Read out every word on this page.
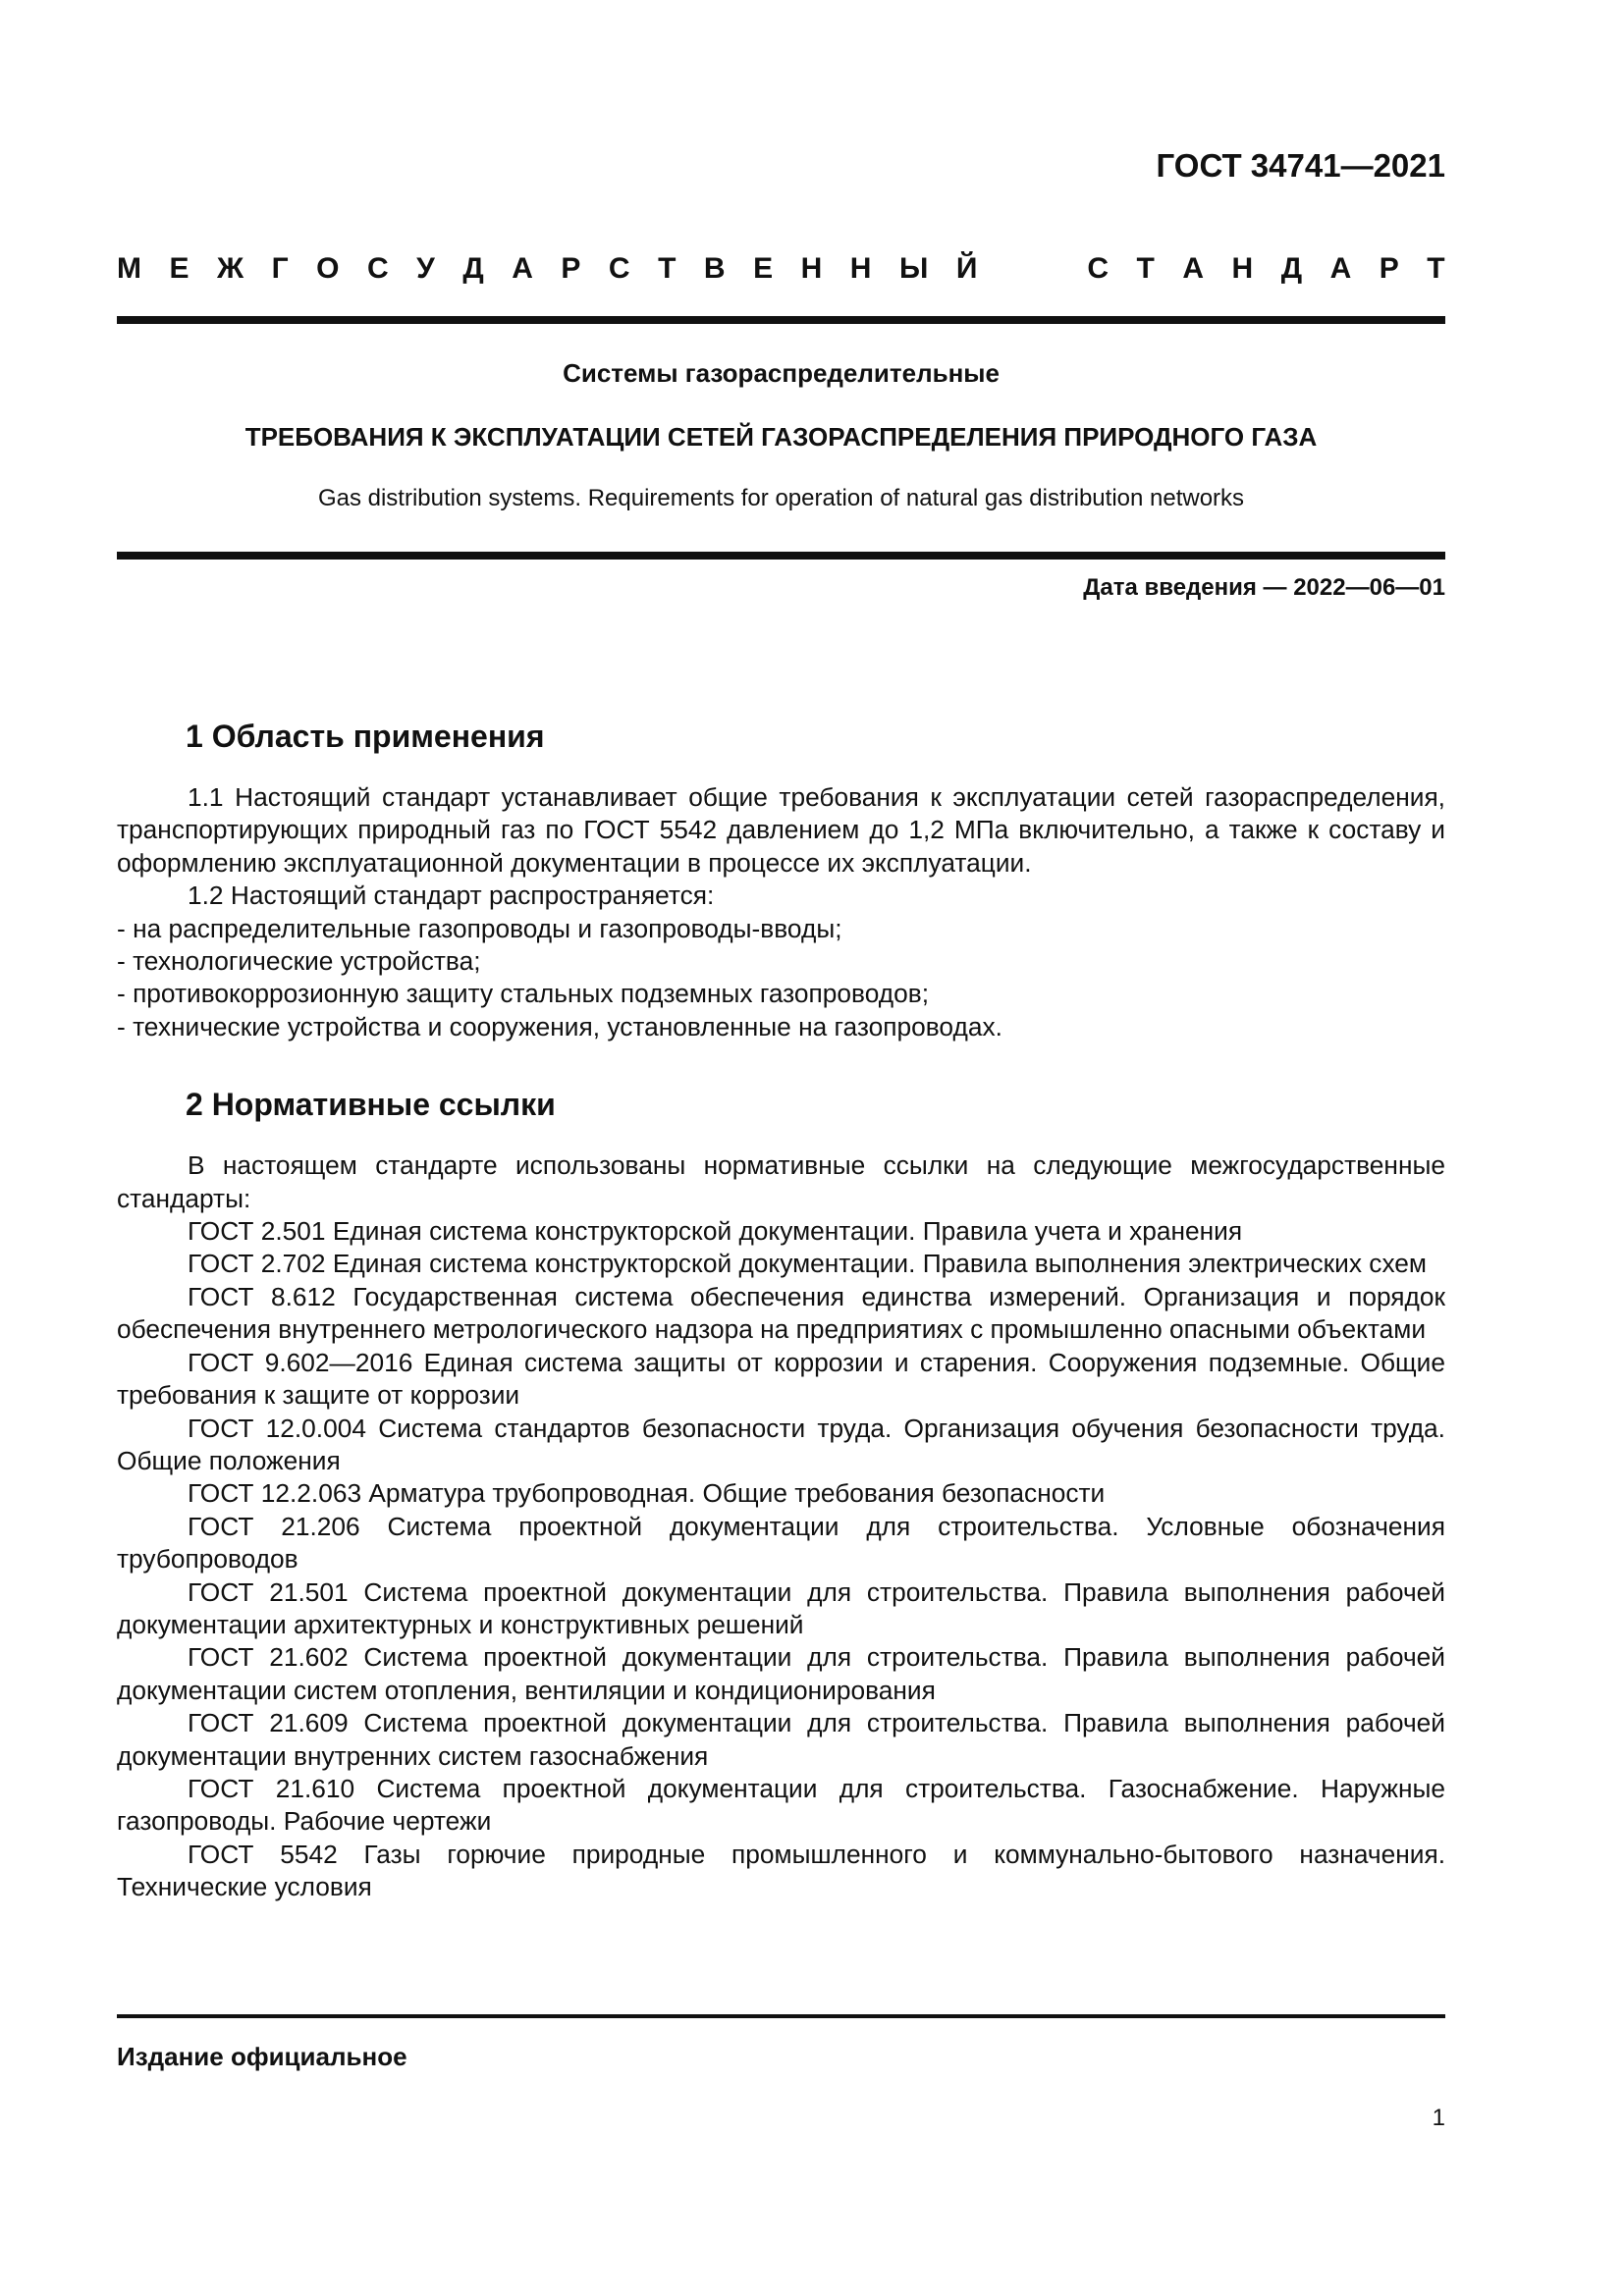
ГОСТ 34741—2021

М Е Ж Г О С У Д А Р С Т В Е Н Н Ы Й	С Т А Н Д А Р Т

Системы газораспределительные

ТРЕБОВАНИЯ К ЭКСПЛУАТАЦИИ СЕТЕЙ ГАЗОРАСПРЕДЕЛЕНИЯ ПРИРОДНОГО ГАЗА

Gas distribution systems. Requirements for operation of natural gas distribution networks

Дата введения — 2022—06—01

1 Область применения

1.1 Настоящий стандарт устанавливает общие требования к эксплуатации сетей газораспределения, транспортирующих природный газ по ГОСТ 5542 давлением до 1,2 МПа включительно, а также к составу и оформлению эксплуатационной документации в процессе их эксплуатации.

1.2 Настоящий стандарт распространяется:

- на распределительные газопроводы и газопроводы-вводы;

- технологические устройства;

- противокоррозионную защиту стальных подземных газопроводов;

- технические устройства и сооружения, установленные на газопроводах.

2 Нормативные ссылки

В настоящем стандарте использованы нормативные ссылки на следующие межгосударственные стандарты:

ГОСТ 2.501 Единая система конструкторской документации. Правила учета и хранения

ГОСТ 2.702 Единая система конструкторской документации. Правила выполнения электрических схем

ГОСТ 8.612 Государственная система обеспечения единства измерений. Организация и порядок обеспечения внутреннего метрологического надзора на предприятиях с промышленно опасными объектами

ГОСТ 9.602—2016 Единая система защиты от коррозии и старения. Сооружения подземные. Общие требования к защите от коррозии

ГОСТ 12.0.004 Система стандартов безопасности труда. Организация обучения безопасности труда. Общие положения

ГОСТ 12.2.063 Арматура трубопроводная. Общие требования безопасности

ГОСТ 21.206 Система проектной документации для строительства. Условные обозначения трубопроводов

ГОСТ 21.501 Система проектной документации для строительства. Правила выполнения рабочей документации архитектурных и конструктивных решений

ГОСТ 21.602 Система проектной документации для строительства. Правила выполнения рабочей документации систем отопления, вентиляции и кондиционирования

ГОСТ 21.609 Система проектной документации для строительства. Правила выполнения рабочей документации внутренних систем газоснабжения

ГОСТ 21.610 Система проектной документации для строительства. Газоснабжение. Наружные газопроводы. Рабочие чертежи

ГОСТ 5542 Газы горючие природные промышленного и коммунально-бытового назначения. Технические условия

Издание официальное

1
